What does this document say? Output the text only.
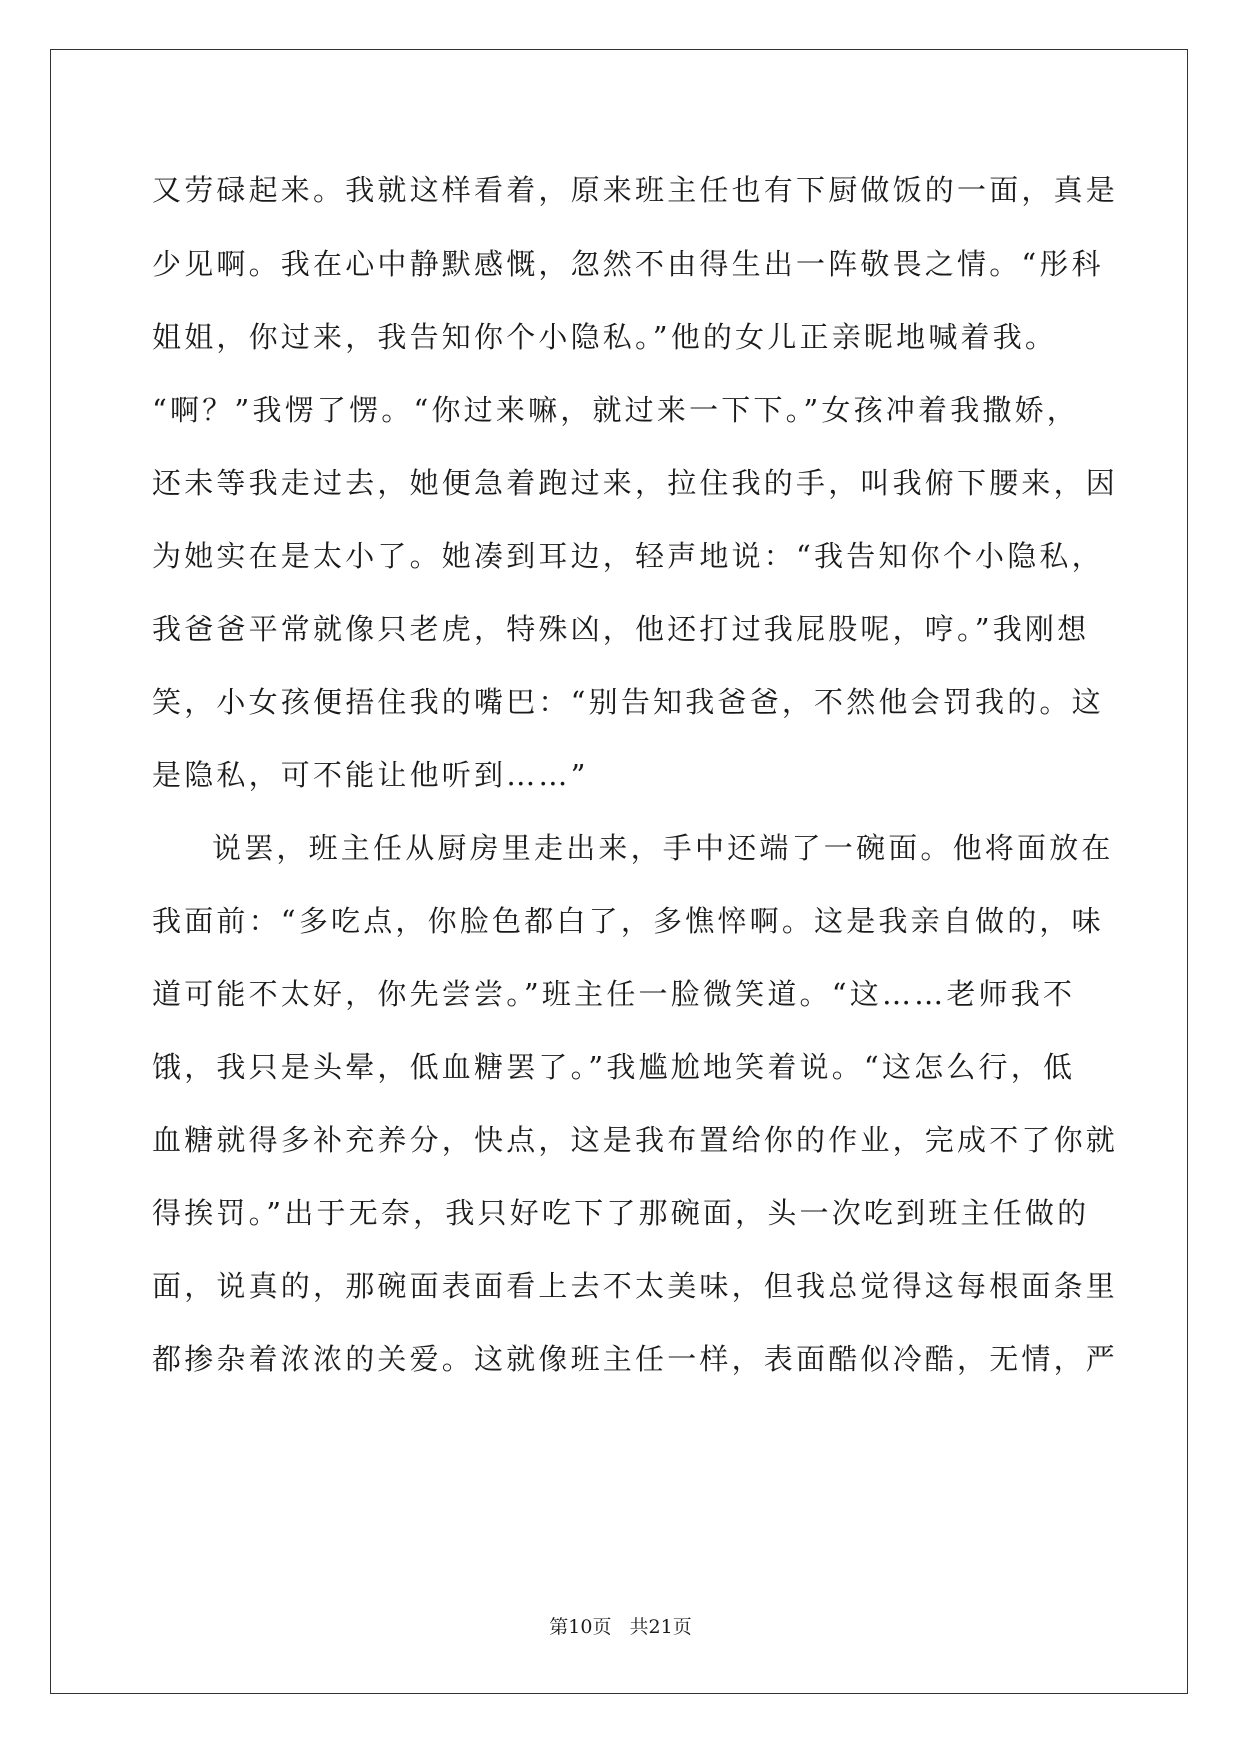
又劳碌起来。我就这样看着，原来班主任也有下厨做饭的一面，真是
少见啊。我在心中静默感慨，忽然不由得生出一阵敬畏之情。“彤科
姐姐，你过来，我告知你个小隐私。”他的女儿正亲昵地喊着我。
“啊？”我愣了愣。“你过来嘛，就过来一下下。”女孩冲着我撒娇，
还未等我走过去，她便急着跑过来，拉住我的手，叫我俯下腰来，因
为她实在是太小了。她凑到耳边，轻声地说：“我告知你个小隐私，
我爸爸平常就像只老虎，特殊凶，他还打过我屁股呢，哼。”我刚想
笑，小女孩便捂住我的嘴巴：“别告知我爸爸，不然他会罚我的。这
是隐私，可不能让他听到……”
说罢，班主任从厨房里走出来，手中还端了一碗面。他将面放在
我面前：“多吃点，你脸色都白了，多憔悴啊。这是我亲自做的，味
道可能不太好，你先尝尝。”班主任一脸微笑道。“这……老师我不
饿，我只是头晕，低血糖罢了。”我尴尬地笑着说。“这怎么行，低
血糖就得多补充养分，快点，这是我布置给你的作业，完成不了你就
得挨罚。”出于无奈，我只好吃下了那碗面，头一次吃到班主任做的
面，说真的，那碗面表面看上去不太美味，但我总觉得这每根面条里
都掺杂着浓浓的关爱。这就像班主任一样，表面酷似冷酷，无情，严
第10页 共21页
